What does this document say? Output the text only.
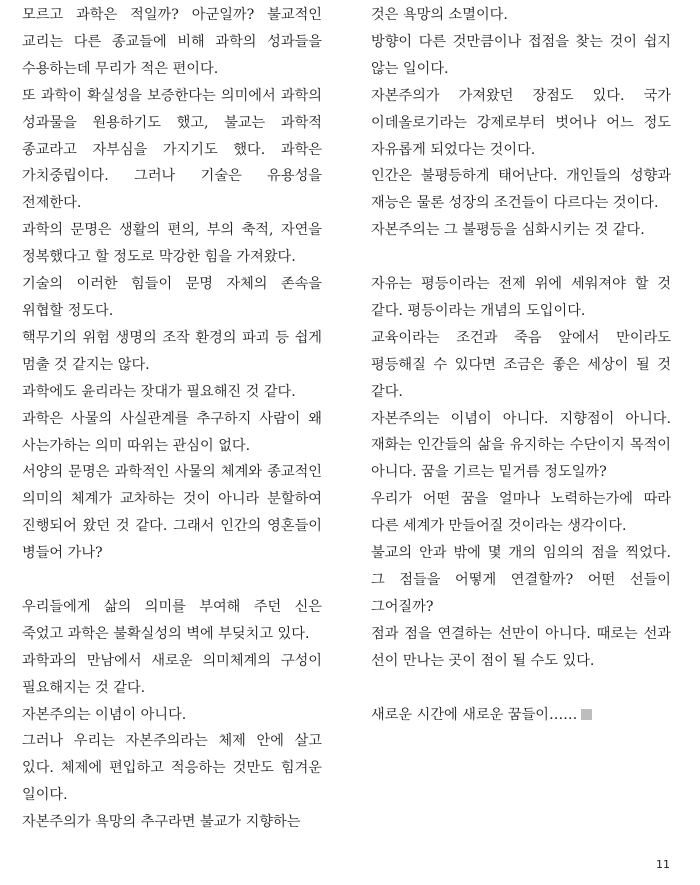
모르고 과학은 적일까? 아군일까? 불교적인 교리는 다른 종교들에 비해 과학의 성과들을 수용하는데 무리가 적은 편이다.

또 과학이 확실성을 보증한다는 의미에서 과학의 성과물을 원용하기도 했고, 불교는 과학적 종교라고 자부심을 가지기도 했다. 과학은 가치중립이다. 그러나 기술은 유용성을 전제한다.

과학의 문명은 생활의 편의, 부의 축적, 자연을 정복했다고 할 정도로 막강한 힘을 가져왔다.

기술의 이러한 힘들이 문명 자체의 존속을 위협할 정도다.

핵무기의 위험 생명의 조작 환경의 파괴 등 쉽게 멈출 것 같지는 않다.

과학에도 윤리라는 잣대가 필요해진 것 같다.

과학은 사물의 사실관계를 추구하지 사람이 왜 사는가하는 의미 따위는 관심이 없다.

서양의 문명은 과학적인 사물의 체계와 종교적인 의미의 체계가 교차하는 것이 아니라 분할하여 진행되어 왔던 것 같다. 그래서 인간의 영혼들이 병들어 가나?

우리들에게 삶의 의미를 부여해 주던 신은 죽었고 과학은 불확실성의 벽에 부딪치고 있다.

과학과의 만남에서 새로운 의미체계의 구성이 필요해지는 것 같다.

자본주의는 이념이 아니다.

그러나 우리는 자본주의라는 체제 안에 살고 있다. 체제에 편입하고 적응하는 것만도 힘겨운 일이다.

자본주의가 욕망의 추구라면 불교가 지향하는

것은 욕망의 소멸이다.

방향이 다른 것만큼이나 접점을 찾는 것이 쉽지 않는 일이다.

자본주의가 가져왔던 장점도 있다. 국가 이데올로기라는 강제로부터 벗어나 어느 정도 자유롭게 되었다는 것이다.

인간은 불평등하게 태어난다. 개인들의 성향과 재능은 물론 성장의 조건들이 다르다는 것이다.

자본주의는 그 불평등을 심화시키는 것 같다.

자유는 평등이라는 전제 위에 세워져야 할 것 같다. 평등이라는 개념의 도입이다.

교육이라는 조건과 죽음 앞에서 만이라도 평등해질 수 있다면 조금은 좋은 세상이 될 것 같다.

자본주의는 이념이 아니다. 지향점이 아니다. 재화는 인간들의 삶을 유지하는 수단이지 목적이 아니다. 꿈을 기르는 밑거름 정도일까?

우리가 어떤 꿈을 얼마나 노력하는가에 따라 다른 세계가 만들어질 것이라는 생각이다.

불교의 안과 밖에 몇 개의 임의의 점을 찍었다. 그 점들을 어떻게 연결할까? 어떤 선들이 그어질까?

점과 점을 연결하는 선만이 아니다. 때로는 선과 선이 만나는 곳이 점이 될 수도 있다.

새로운 시간에 새로운 꿈들이……

11
